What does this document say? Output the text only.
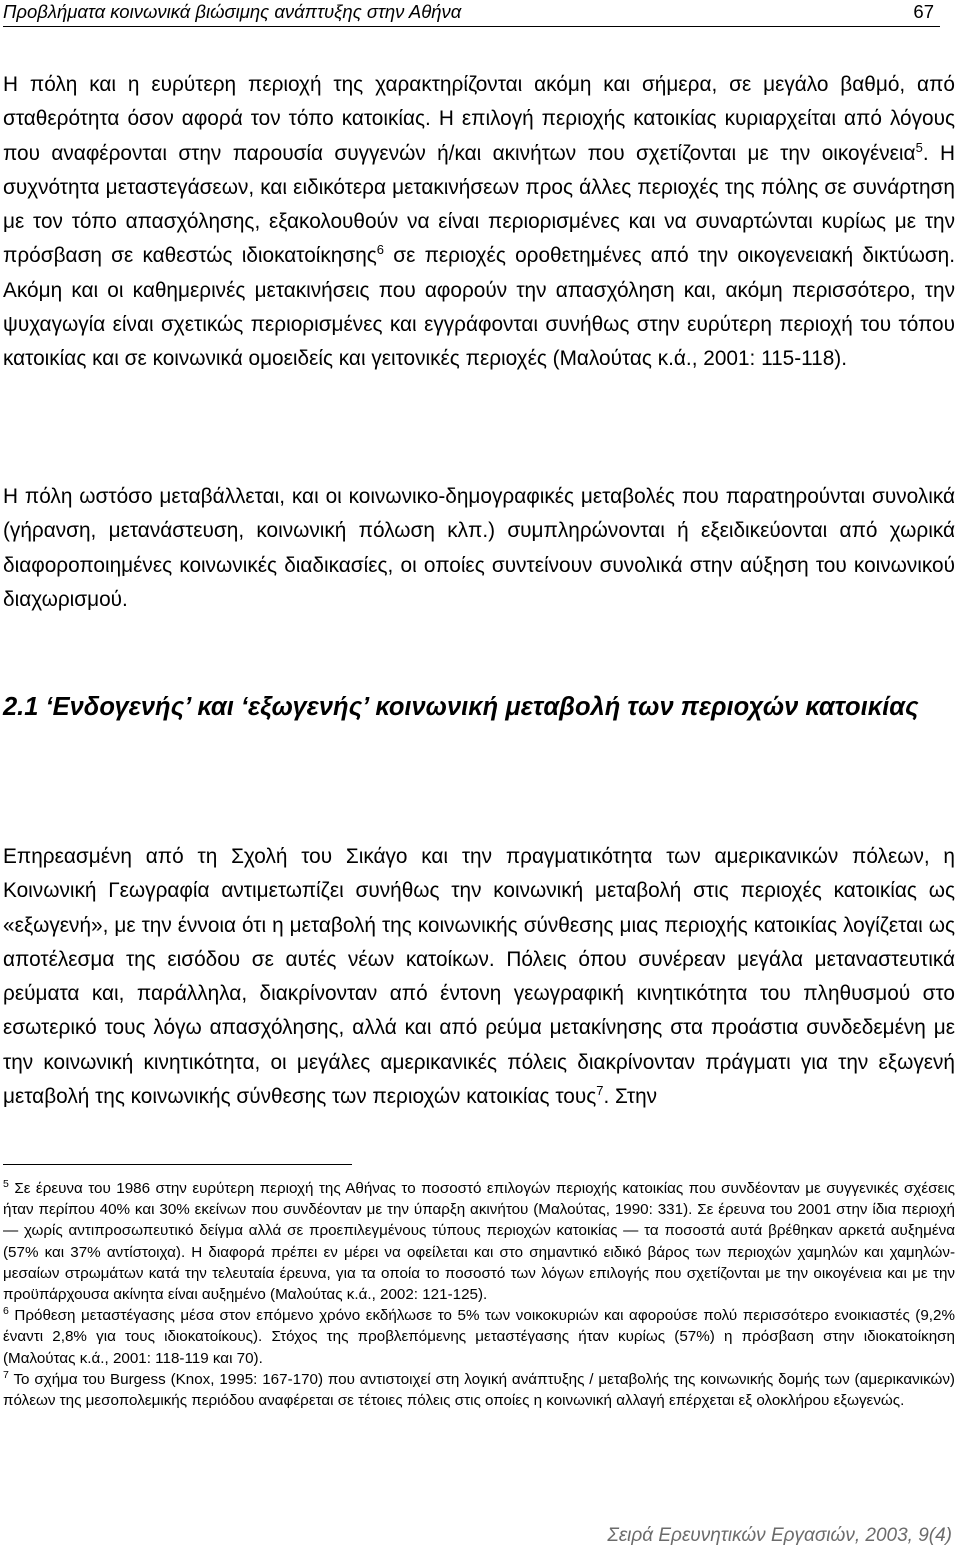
Προβλήματα κοινωνικά βιώσιμης ανάπτυξης στην Αθήνα	67

Η πόλη και η ευρύτερη περιοχή της χαρακτηρίζονται ακόμη και σήμερα, σε μεγάλο βαθμό, από σταθερότητα όσον αφορά τον τόπο κατοικίας. Η επιλογή περιοχής κατοικίας κυριαρχείται από λόγους που αναφέρονται στην παρουσία συγγενών ή/και ακινήτων που σχετίζονται με την οικογένεια$^5$. Η συχνότητα μεταστεγάσεων, και ειδικότερα μετακινήσεων προς άλλες περιοχές της πόλης σε συνάρτηση με τον τόπο απασχόλησης, εξακολουθούν να είναι περιορισμένες και να συναρτώνται κυρίως με την πρόσβαση σε καθεστώς ιδιοκατοίκησης$^6$ σε περιοχές οροθετημένες από την οικογενειακή δικτύωση. Ακόμη και οι καθημερινές μετακινήσεις που αφορούν την απασχόληση και, ακόμη περισσότερο, την ψυχαγωγία είναι σχετικώς περιορισμένες και εγγράφονται συνήθως στην ευρύτερη περιοχή του τόπου κατοικίας και σε κοινωνικά ομοειδείς και γειτονικές περιοχές (Μαλούτας κ.ά., 2001: 115-118).

Η πόλη ωστόσο μεταβάλλεται, και οι κοινωνικο-δημογραφικές μεταβολές που παρατηρούνται συνολικά (γήρανση, μετανάστευση, κοινωνική πόλωση κλπ.) συμπληρώνονται ή εξειδικεύονται από χωρικά διαφοροποιημένες κοινωνικές διαδικασίες, οι οποίες συντείνουν συνολικά στην αύξηση του κοινωνικού διαχωρισμού.

2.1 ‘Ενδογενής’ και ‘εξωγενής’ κοινωνική μεταβολή των περιοχών κατοικίας

Επηρεασμένη από τη Σχολή του Σικάγο και την πραγματικότητα των αμερικανικών πόλεων, η Κοινωνική Γεωγραφία αντιμετωπίζει συνήθως την κοινωνική μεταβολή στις περιοχές κατοικίας ως «εξωγενή», με την έννοια ότι η μεταβολή της κοινωνικής σύνθεσης μιας περιοχής κατοικίας λογίζεται ως αποτέλεσμα της εισόδου σε αυτές νέων κατοίκων. Πόλεις όπου συνέρεαν μεγάλα μεταναστευτικά ρεύματα και, παράλληλα, διακρίνονταν από έντονη γεωγραφική κινητικότητα του πληθυσμού στο εσωτερικό τους λόγω απασχόλησης, αλλά και από ρεύμα μετακίνησης στα προάστια συνδεδεμένη με την κοινωνική κινητικότητα, οι μεγάλες αμερικανικές πόλεις διακρίνονταν πράγματι για την εξωγενή μεταβολή της κοινωνικής σύνθεσης των περιοχών κατοικίας τους$^7$. Στην

$^5$ Σε έρευνα του 1986 στην ευρύτερη περιοχή της Αθήνας το ποσοστό επιλογών περιοχής κατοικίας που συνδέονταν με συγγενικές σχέσεις ήταν περίπου 40% και 30% εκείνων που συνδέονταν με την ύπαρξη ακινήτου (Μαλούτας, 1990: 331). Σε έρευνα του 2001 στην ίδια περιοχή — χωρίς αντιπροσωπευτικό δείγμα αλλά σε προεπιλεγμένους τύπους περιοχών κατοικίας — τα ποσοστά αυτά βρέθηκαν αρκετά αυξημένα (57% και 37% αντίστοιχα). Η διαφορά πρέπει εν μέρει να οφείλεται και στο σημαντικό ειδικό βάρος των περιοχών χαμηλών και χαμηλών-μεσαίων στρωμάτων κατά την τελευταία έρευνα, για τα οποία το ποσοστό των λόγων επιλογής που σχετίζονται με την οικογένεια και με την προϋπάρχουσα ακίνητα είναι αυξημένο (Μαλούτας κ.ά., 2002: 121-125).

$^6$ Πρόθεση μεταστέγασης μέσα στον επόμενο χρόνο εκδήλωσε το 5% των νοικοκυριών και αφορούσε πολύ περισσότερο ενοικιαστές (9,2% έναντι 2,8% για τους ιδιοκατοίκους). Στόχος της προβλεπόμενης μεταστέγασης ήταν κυρίως (57%) η πρόσβαση στην ιδιοκατοίκηση (Μαλούτας κ.ά., 2001: 118-119 και 70).

$^7$ Το σχήμα του Burgess (Knox, 1995: 167-170) που αντιστοιχεί στη λογική ανάπτυξης / μεταβολής της κοινωνικής δομής των (αμερικανικών) πόλεων της μεσοπολεμικής περιόδου αναφέρεται σε τέτοιες πόλεις στις οποίες η κοινωνική αλλαγή επέρχεται εξ ολοκλήρου εξωγενώς.

Σειρά Ερευνητικών Εργασιών, 2003, 9(4)
